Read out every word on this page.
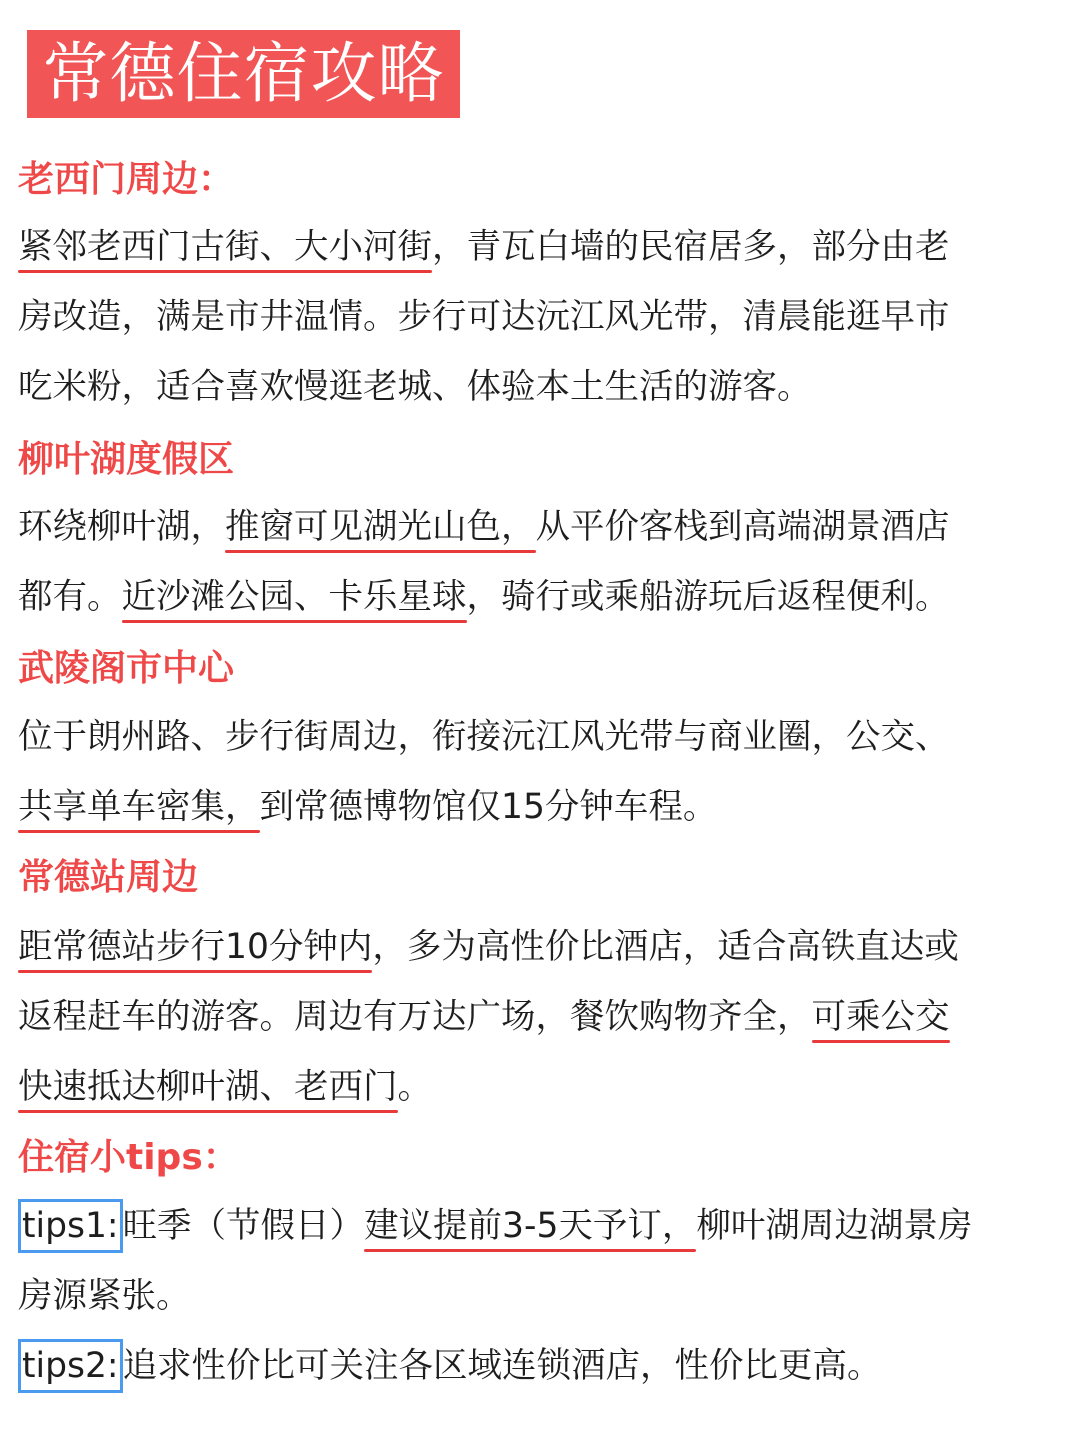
常德住宿攻略
老西门周边：
紧邻老西门古街、大小河街，青瓦白墙的民宿居多，部分由老
房改造，满是市井温情。步行可达沅江风光带，清晨能逛早市
吃米粉，适合喜欢慢逛老城、体验本土生活的游客。
柳叶湖度假区
环绕柳叶湖，推窗可见湖光山色，从平价客栈到高端湖景酒店
都有。近沙滩公园、卡乐星球，骑行或乘船游玩后返程便利。
武陵阁市中心
位于朗州路、步行街周边，衔接沅江风光带与商业圈，公交、
共享单车密集，到常德博物馆仅15分钟车程。
常德站周边
距常德站步行10分钟内，多为高性价比酒店，适合高铁直达或
返程赶车的游客。周边有万达广场，餐饮购物齐全，可乘公交
快速抵达柳叶湖、老西门。
住宿小tips：
tips1: 旺季（节假日）建议提前3-5天予订，柳叶湖周边湖景房
房源紧张。
tips2: 追求性价比可关注各区域连锁酒店，性价比更高。
